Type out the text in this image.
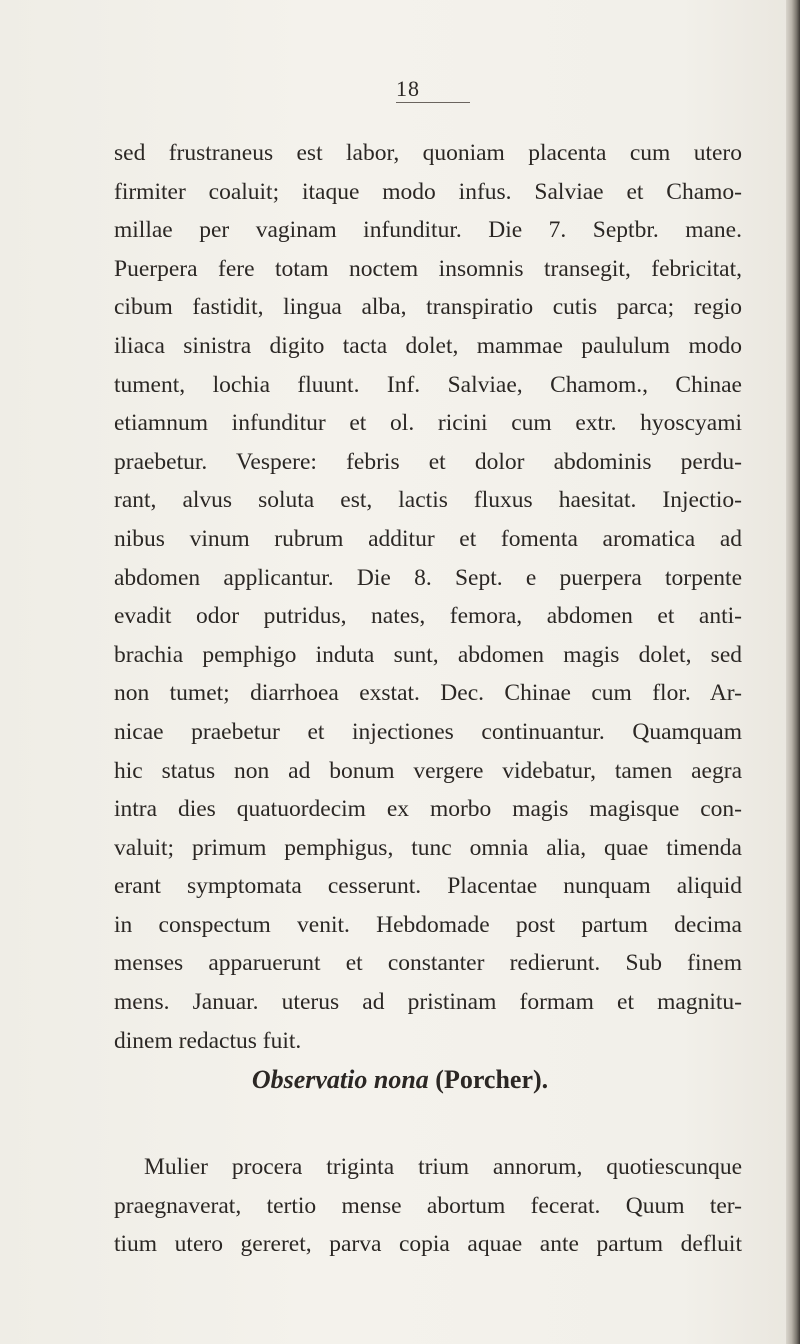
18
sed frustraneus est labor, quoniam placenta cum utero
firmiter coaluit; itaque modo infus. Salviae et Chamo-
millae per vaginam infunditur. Die 7. Septbr. mane.
Puerpera fere totam noctem insomnis transegit, febricitat,
cibum fastidit, lingua alba, transpiratio cutis parca; regio
iliaca sinistra digito tacta dolet, mammae paululum modo
tument, lochia fluunt. Inf. Salviae, Chamom., Chinae
etiamnum infunditur et ol. ricini cum extr. hyoscyami
praebetur. Vespere: febris et dolor abdominis perdu-
rant, alvus soluta est, lactis fluxus haesitat. Injectio-
nibus vinum rubrum additur et fomenta aromatica ad
abdomen applicantur. Die 8. Sept. e puerpera torpente
evadit odor putridus, nates, femora, abdomen et anti-
brachia pemphigo induta sunt, abdomen magis dolet, sed
non tumet; diarrhoea exstat. Dec. Chinae cum flor. Ar-
nicae praebetur et injectiones continuantur. Quamquam
hic status non ad bonum vergere videbatur, tamen aegra
intra dies quatuordecim ex morbo magis magisque con-
valuit; primum pemphigus, tunc omnia alia, quae timenda
erant symptomata cesserunt. Placentae nunquam aliquid
in conspectum venit. Hebdomade post partum decima
menses apparuerunt et constanter redierunt. Sub finem
mens. Januar. uterus ad pristinam formam et magnitu-
dinem redactus fuit.
Observatio nona (Porcher).
Mulier procera triginta trium annorum, quotiescunque
praegnaverat, tertio mense abortum fecerat. Quum ter-
tium utero gereret, parva copia aquae ante partum defluit
